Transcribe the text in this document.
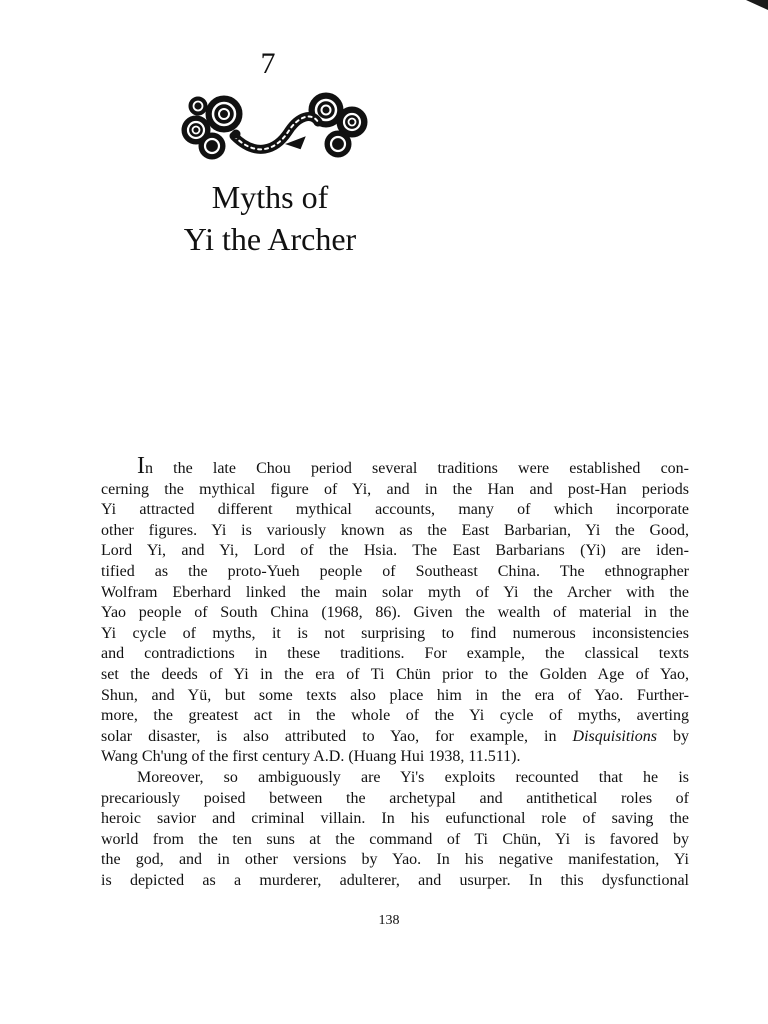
7
Myths of
Yi the Archer
In the late Chou period several traditions were established con-
cerning the mythical figure of Yi, and in the Han and post-Han periods
Yi attracted different mythical accounts, many of which incorporate
other figures. Yi is variously known as the East Barbarian, Yi the Good,
Lord Yi, and Yi, Lord of the Hsia. The East Barbarians (Yi) are iden-
tified as the proto-Yueh people of Southeast China. The ethnographer
Wolfram Eberhard linked the main solar myth of Yi the Archer with the
Yao people of South China (1968, 86). Given the wealth of material in the
Yi cycle of myths, it is not surprising to find numerous inconsistencies
and contradictions in these traditions. For example, the classical texts
set the deeds of Yi in the era of Ti Chün prior to the Golden Age of Yao,
Shun, and Yü, but some texts also place him in the era of Yao. Further-
more, the greatest act in the whole of the Yi cycle of myths, averting
solar disaster, is also attributed to Yao, for example, in Disquisitions by
Wang Ch'ung of the first century A.D. (Huang Hui 1938, 11.511).
Moreover, so ambiguously are Yi's exploits recounted that he is
precariously poised between the archetypal and antithetical roles of
heroic savior and criminal villain. In his eufunctional role of saving the
world from the ten suns at the command of Ti Chün, Yi is favored by
the god, and in other versions by Yao. In his negative manifestation, Yi
is depicted as a murderer, adulterer, and usurper. In this dysfunctional
138
